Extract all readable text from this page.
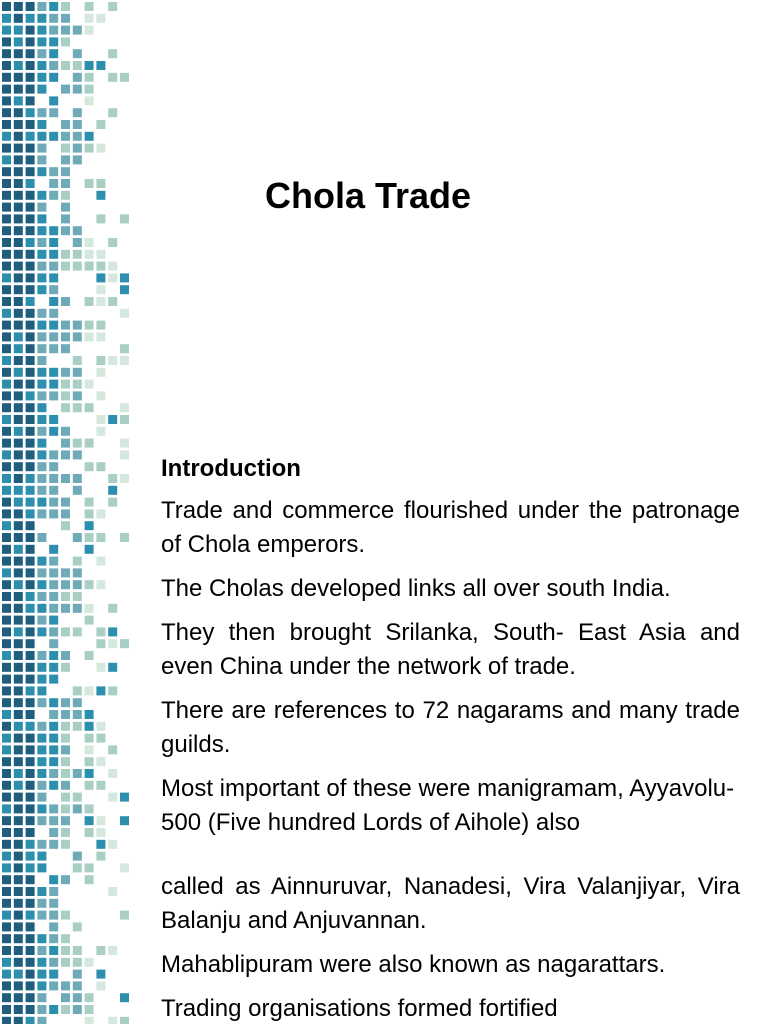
Chola Trade
Introduction

Trade and commerce flourished under the patronage of Chola emperors.

The Cholas developed links all over south India.

They then brought Srilanka, South- East Asia and even China under the network of trade.

There are references to 72 nagarams and many trade guilds.

Most important of these were manigramam, Ayyavolu-500 (Five hundred Lords of Aihole) also

called as Ainnuruvar, Nanadesi, Vira Valanjiyar, Vira Balanju and Anjuvannan.

Mahablipuram were also known as nagarattars.

Trading organisations formed fortified
